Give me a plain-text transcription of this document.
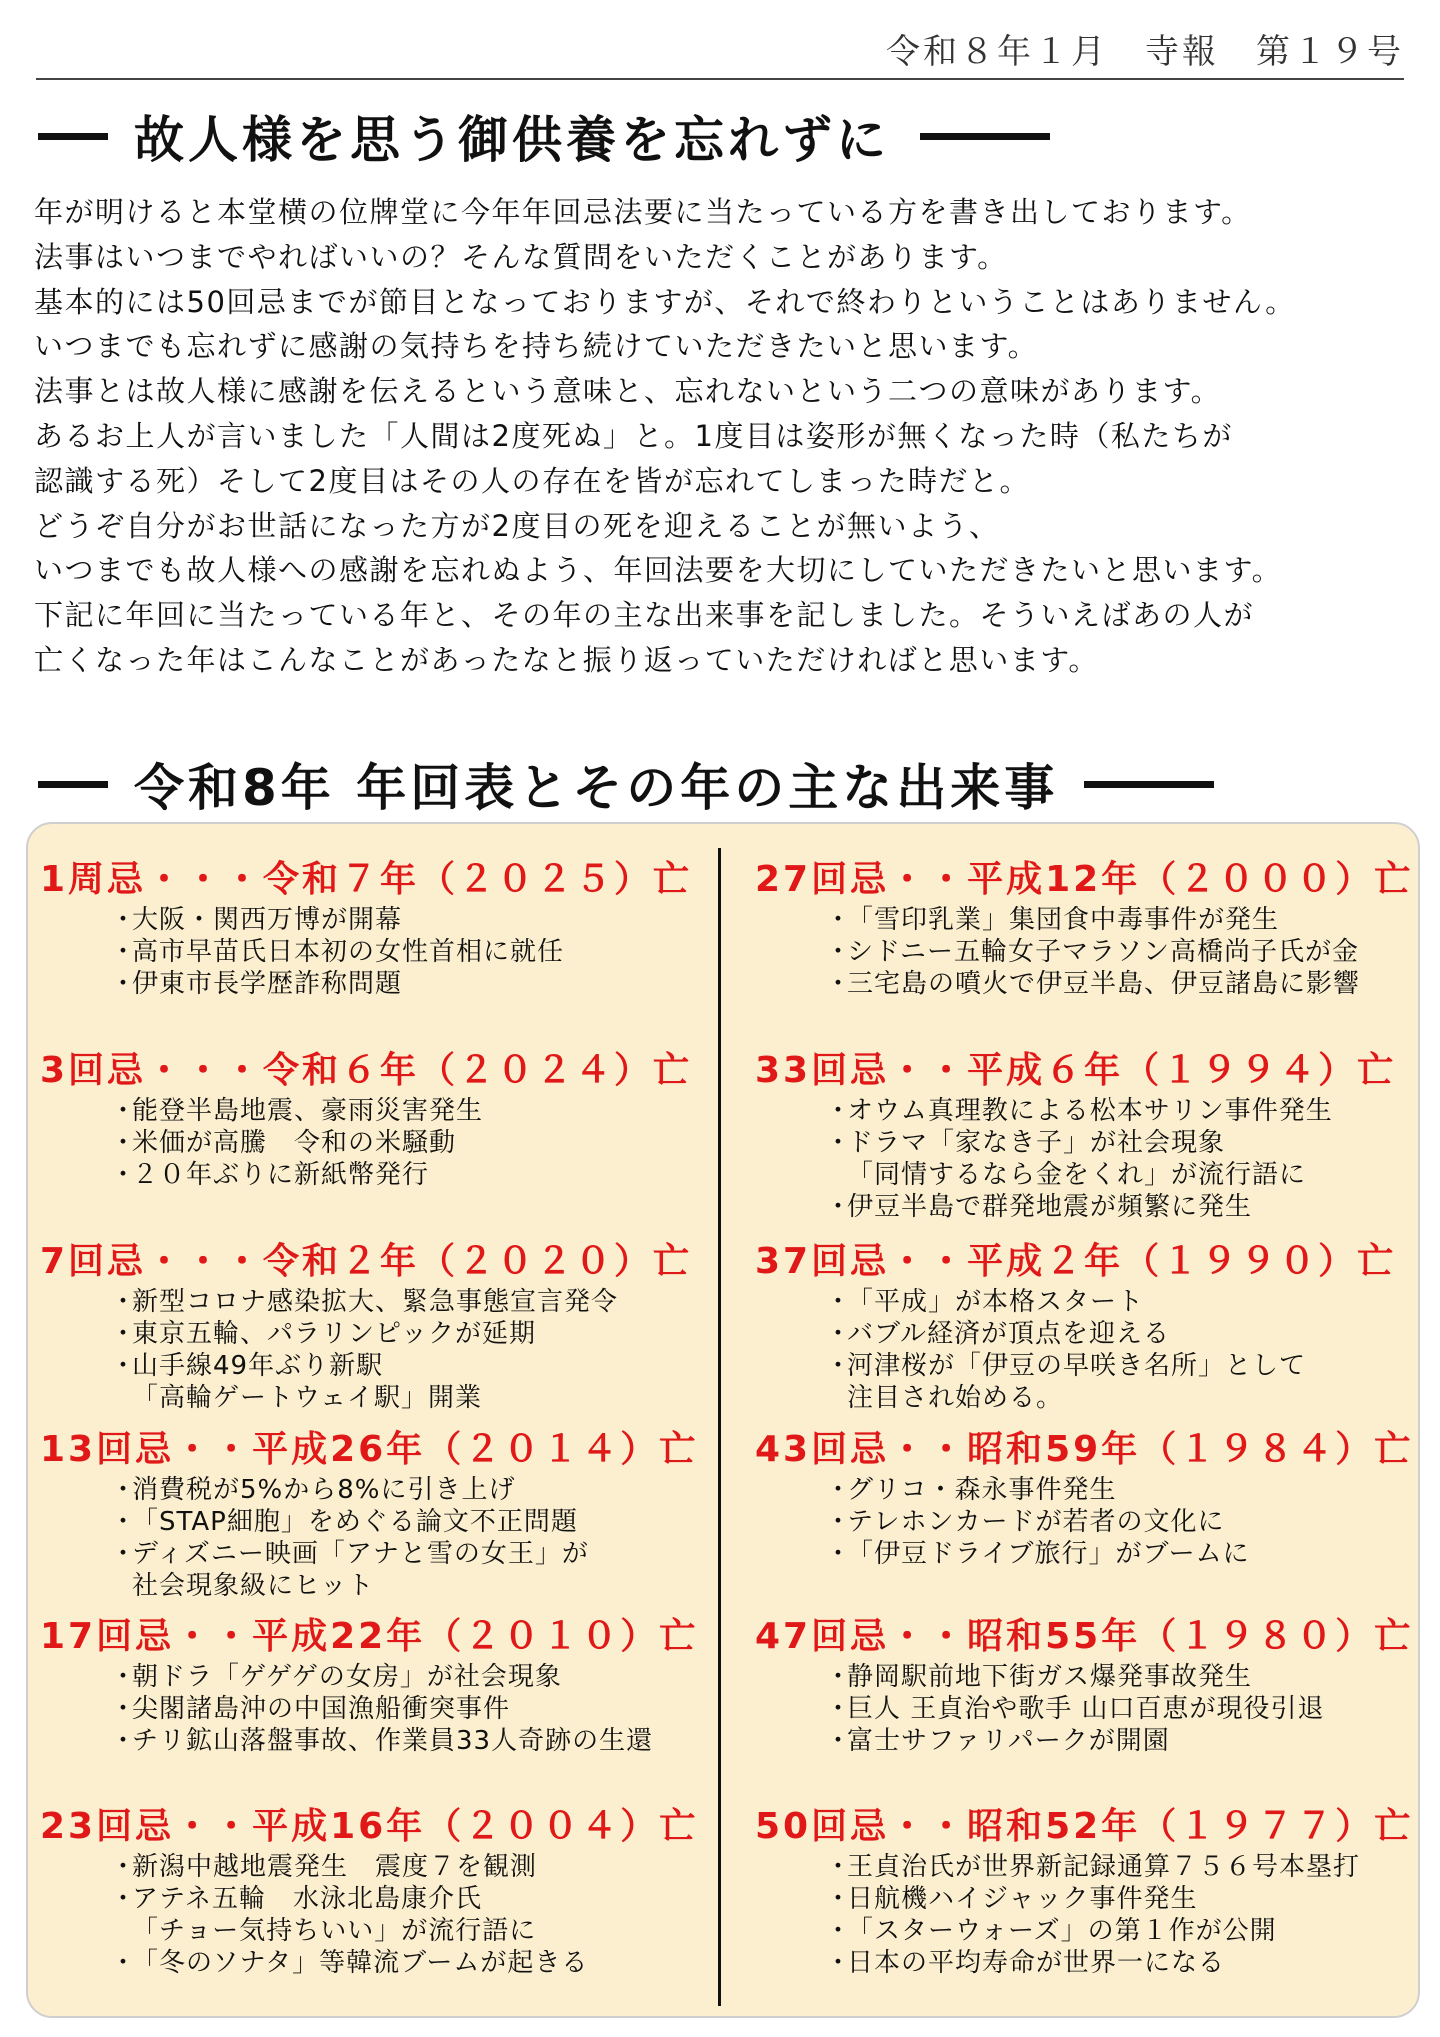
令和８年１月　寺報　第１９号
故人様を思う御供養を忘れずに
年が明けると本堂横の位牌堂に今年年回忌法要に当たっている方を書き出しております。
法事はいつまでやればいいの？そんな質問をいただくことがあります。
基本的には50回忌までが節目となっておりますが、それで終わりということはありません。
いつまでも忘れずに感謝の気持ちを持ち続けていただきたいと思います。
法事とは故人様に感謝を伝えるという意味と、忘れないという二つの意味があります。
あるお上人が言いました「人間は2度死ぬ」と。1度目は姿形が無くなった時（私たちが
認識する死）そして2度目はその人の存在を皆が忘れてしまった時だと。
どうぞ自分がお世話になった方が2度目の死を迎えることが無いよう、
いつまでも故人様への感謝を忘れぬよう、年回法要を大切にしていただきたいと思います。
下記に年回に当たっている年と、その年の主な出来事を記しました。そういえばあの人が
亡くなった年はこんなことがあったなと振り返っていただければと思います。
令和8年 年回表とその年の主な出来事
1周忌・・・令和７年（２０２５）亡
・大阪・関西万博が開幕
・高市早苗氏日本初の女性首相に就任
・伊東市長学歴詐称問題
3回忌・・・令和６年（２０２４）亡
・能登半島地震、豪雨災害発生
・米価が高騰　令和の米騒動
・２０年ぶりに新紙幣発行
7回忌・・・令和２年（２０２０）亡
・新型コロナ感染拡大、緊急事態宣言発令
・東京五輪、パラリンピックが延期
・山手線49年ぶり新駅
「高輪ゲートウェイ駅」開業
13回忌・・平成26年（２０１４）亡
・消費税が5%から8%に引き上げ
・「STAP細胞」をめぐる論文不正問題
・ディズニー映画「アナと雪の女王」が
社会現象級にヒット
17回忌・・平成22年（２０１０）亡
・朝ドラ「ゲゲゲの女房」が社会現象
・尖閣諸島沖の中国漁船衝突事件
・チリ鉱山落盤事故、作業員33人奇跡の生還
23回忌・・平成16年（２００４）亡
・新潟中越地震発生　震度７を観測
・アテネ五輪　水泳北島康介氏
「チョー気持ちいい」が流行語に
・「冬のソナタ」等韓流ブームが起きる
27回忌・・平成12年（２０００）亡
・「雪印乳業」集団食中毒事件が発生
・シドニー五輪女子マラソン高橋尚子氏が金
・三宅島の噴火で伊豆半島、伊豆諸島に影響
33回忌・・平成６年（１９９４）亡
・オウム真理教による松本サリン事件発生
・ドラマ「家なき子」が社会現象
「同情するなら金をくれ」が流行語に
・伊豆半島で群発地震が頻繁に発生
37回忌・・平成２年（１９９０）亡
・「平成」が本格スタート
・バブル経済が頂点を迎える
・河津桜が「伊豆の早咲き名所」として
注目され始める。
43回忌・・昭和59年（１９８４）亡
・グリコ・森永事件発生
・テレホンカードが若者の文化に
・「伊豆ドライブ旅行」がブームに
47回忌・・昭和55年（１９８０）亡
・静岡駅前地下街ガス爆発事故発生
・巨人 王貞治や歌手 山口百恵が現役引退
・富士サファリパークが開園
50回忌・・昭和52年（１９７７）亡
・王貞治氏が世界新記録通算７５６号本塁打
・日航機ハイジャック事件発生
・「スターウォーズ」の第１作が公開
・日本の平均寿命が世界一になる
